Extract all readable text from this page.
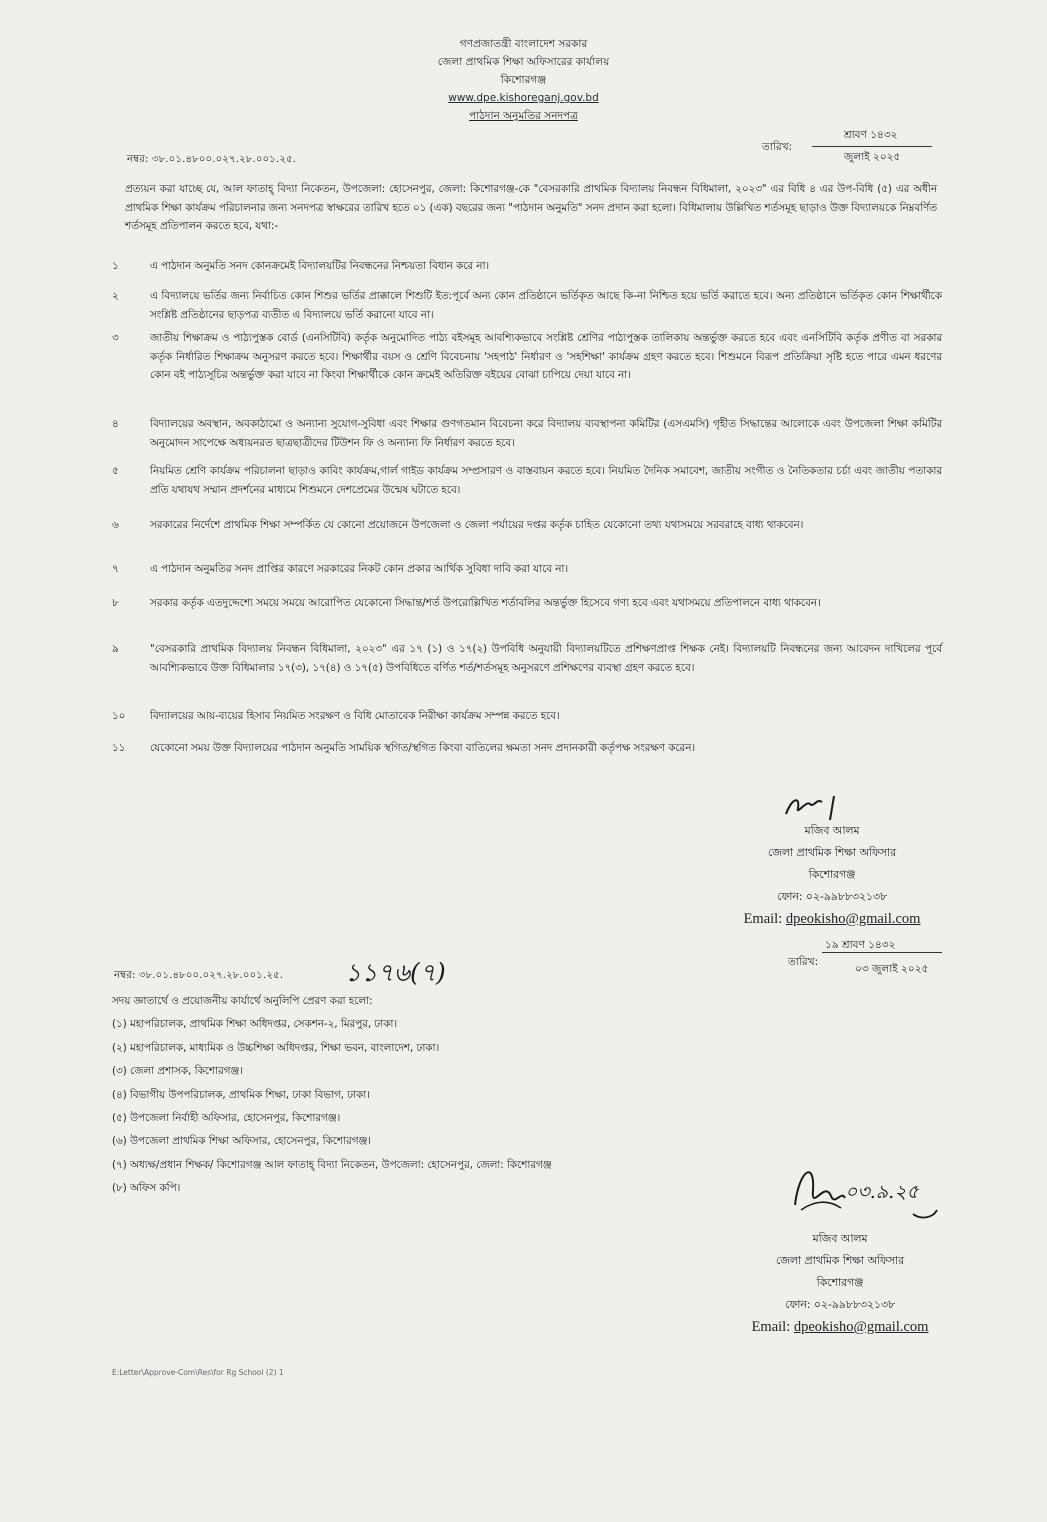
গণপ্রজাতন্ত্রী বাংলাদেশ সরকার
জেলা প্রাথমিক শিক্ষা অফিসারের কার্যালয়
কিশোরগঞ্জ
www.dpe.kishoreganj.gov.bd
পাঠদান অনুমতির সনদপত্র
নম্বর: ৩৮.০১.৪৮০০.০২৭.২৮.০০১.২৫.
তারিখ:
শ্রাবণ ১৪৩২
জুলাই ২০২৫
প্রত্যয়ন করা যাচ্ছে যে, আল ফাতাহ্ বিদ্যা নিকেতন, উপজেলা: হোসেনপুর, জেলা: কিশোরগঞ্জ-কে "বেসরকারি প্রাথমিক বিদ্যালয় নিবন্ধন বিধিমালা, ২০২৩" এর বিধি ৪ এর উপ-বিধি (৫) এর অধীন প্রাথমিক শিক্ষা কার্যক্রম পরিচালনার জন্য সনদপত্র স্বাক্ষরের তারিখ হতে ০১ (এক) বছরের জন্য "পাঠদান অনুমতি" সনদ প্রদান করা হলো। বিধিমালায় উল্লিখিত শর্তসমূহ ছাড়াও উক্ত বিদ্যালয়কে নিম্নবর্ণিত শর্তসমূহ প্রতিপালন করতে হবে, যথা:-
১	এ পাঠদান অনুমতি সনদ কোনক্রমেই বিদ্যালয়টির নিবন্ধনের নিশ্চয়তা বিধান করে না।
২	এ বিদ্যালয়ে ভর্তির জন্য নির্বাচিত কোন শিশুর ভর্তির প্রাক্কালে শিশুটি ইত:পূর্বে অন্য কোন প্রতিষ্ঠানে ভর্তিকৃত আছে কি-না নিশ্চিত হয়ে ভর্তি করাতে হবে। অন্য প্রতিষ্ঠানে ভর্তিকৃত কোন শিক্ষার্থীকে সংশ্লিষ্ট প্রতিষ্ঠানের ছাড়পত্র ব্যতীত এ বিদ্যালয়ে ভর্তি করানো যাবে না।
৩	জাতীয় শিক্ষাক্রম ও পাঠ্যপুস্তক বোর্ড (এনসিটিবি) কর্তৃক অনুমোদিত পাঠ্য বইসমূহ আবশ্যিকভাবে সংশ্লিষ্ট শ্রেণির পাঠ্যপুস্তক তালিকায় অন্তর্ভুক্ত করতে হবে এবং এনসিটিবি কর্তৃক প্রণীত বা সরকার কর্তৃক নির্ধারিত শিক্ষাক্রম অনুসরণ করতে হবে। শিক্ষার্থীর বয়স ও শ্রেণি বিবেচনায় 'সহপাঠ' নির্ধারণ ও 'সহশিক্ষা' কার্যক্রম গ্রহণ করতে হবে। শিশুমনে বিরূপ প্রতিক্রিয়া সৃষ্টি হতে পারে এমন ধরণের কোন বই পাঠ্যসূচির অন্তর্ভুক্ত করা যাবে না কিংবা শিক্ষার্থীকে কোন ক্রমেই অতিরিক্ত বইয়ের বোঝা চাপিয়ে দেয়া যাবে না।
৪	বিদ্যালয়ের অবস্থান, অবকাঠামো ও অন্যান্য সুযোগ-সুবিধা এবং শিক্ষার গুণগতমান বিবেচনা করে বিদ্যালয় ব্যবস্থাপনা কমিটির (এসএমসি) গৃহীত সিদ্ধান্তের আলোকে এবং উপজেলা শিক্ষা কমিটির অনুমোদন সাপেক্ষে অধ্যয়নরত ছাত্রছাত্রীদের টিউশন ফি ও অন্যান্য ফি নির্ধারণ করতে হবে।
৫	নিয়মিত শ্রেণি কার্যক্রম পরিচালনা ছাড়াও কাবিং কার্যক্রম,গার্ল গাইড কার্যক্রম সম্প্রসারণ ও বাস্তবায়ন করতে হবে। নিয়মিত দৈনিক সমাবেশ, জাতীয় সংগীত ও নৈতিকতার চর্চা এবং জাতীয় পতাকার প্রতি যথাযথ সম্মান প্রদর্শনের মাধ্যমে শিশুমনে দেশপ্রেমের উন্মেষ ঘটাতে হবে।
৬	সরকারের নির্দেশে প্রাথমিক শিক্ষা সম্পর্কিত যে কোনো প্রয়োজনে উপজেলা ও জেলা পর্যায়ের দপ্তর কর্তৃক চাহিত যেকোনো তথ্য যথাসময়ে সরবরাহে বাধ্য থাকবেন।
৭	এ পাঠদান অনুমতির সনদ প্রাপ্তির কারণে সরকারের নিকট কোন প্রকার আর্থিক সুবিধা দাবি করা যাবে না।
৮	সরকার কর্তৃক এতদুদ্দেশ্যে সময়ে সময়ে আরোপিত যেকোনো সিদ্ধান্ত/শর্ত উপরোল্লিখিত শর্তাবলির অন্তর্ভুক্ত হিসেবে গণ্য হবে এবং যথাসময়ে প্রতিপালনে বাধ্য থাকবেন।
৯	"বেসরকারি প্রাথমিক বিদ্যালয় নিবন্ধন বিধিমালা, ২০২৩" এর ১৭ (১) ও ১৭(২) উপবিধি অনুযায়ী বিদ্যালয়টিতে প্রশিক্ষণপ্রাপ্ত শিক্ষক নেই। বিদ্যালয়টি নিবন্ধনের জন্য আবেদন দাখিলের পূর্বে আবশ্যিকভাবে উক্ত বিধিমালার ১৭(৩), ১৭(৪) ও ১৭(৫) উপবিধিতে বর্ণিত শর্ত/শর্তসমূহ অনুসরণে প্রশিক্ষণের ব্যবস্থা গ্রহণ করতে হবে।
১০	বিদ্যালয়ের আয়-ব্যয়ের হিসাব নিয়মিত সংরক্ষণ ও বিধি মোতাবেক নিরীক্ষা কার্যক্রম সম্পন্ন করতে হবে।
১১	যেকোনো সময় উক্ত বিদ্যালয়ের পাঠদান অনুমতি সাময়িক স্থগিত/স্থগিত কিংবা বাতিলের ক্ষমতা সনদ প্রদানকারী কর্তৃপক্ষ সংরক্ষণ করেন।
মজিব আলম
জেলা প্রাথমিক শিক্ষা অফিসার
কিশোরগঞ্জ
ফোন: ০২-৯৯৮৮৩২১৩৮
Email: dpeokisho@gmail.com
১৯ শ্রাবণ ১৪৩২
তারিখ:
০৩ জুলাই ২০২৫
নম্বর: ৩৮.০১.৪৮০০.০২৭.২৮.০০১.২৫. ১১৭৬(৭)
সদয় জ্ঞাতার্থে ও প্রয়োজনীয় কার্যার্থে অনুলিপি প্রেরণ করা হলো:
(১) মহাপরিচালক, প্রাথমিক শিক্ষা অধিদপ্তর, সেকশন-২, মিরপুর, ঢাকা।
(২) মহাপরিচালক, মাধ্যমিক ও উচ্চশিক্ষা অধিদপ্তর, শিক্ষা ভবন, বাংলাদেশ, ঢাকা।
(৩) জেলা প্রশাসক, কিশোরগঞ্জ।
(৪) বিভাগীয় উপপরিচালক, প্রাথমিক শিক্ষা, ঢাকা বিভাগ, ঢাকা।
(৫) উপজেলা নির্বাহী অফিসার, হোসেনপুর, কিশোরগঞ্জ।
(৬) উপজেলা প্রাথমিক শিক্ষা অফিসার, হোসেনপুর, কিশোরগঞ্জ।
(৭) অধ্যক্ষ/প্রধান শিক্ষক/ কিশোরগঞ্জ আল ফাতাহ্ বিদ্যা নিকেতন, উপজেলা: হোসেনপুর, জেলা: কিশোরগঞ্জ
(৮) অফিস কপি।	০৩.৯.২৫
মজিব আলম
জেলা প্রাথমিক শিক্ষা অফিসার
কিশোরগঞ্জ
ফোন: ০২-৯৯৮৮৩২১৩৮
Email: dpeokisho@gmail.com
E:Letter\Approve-Com\Res\for Rg School (2) 1
